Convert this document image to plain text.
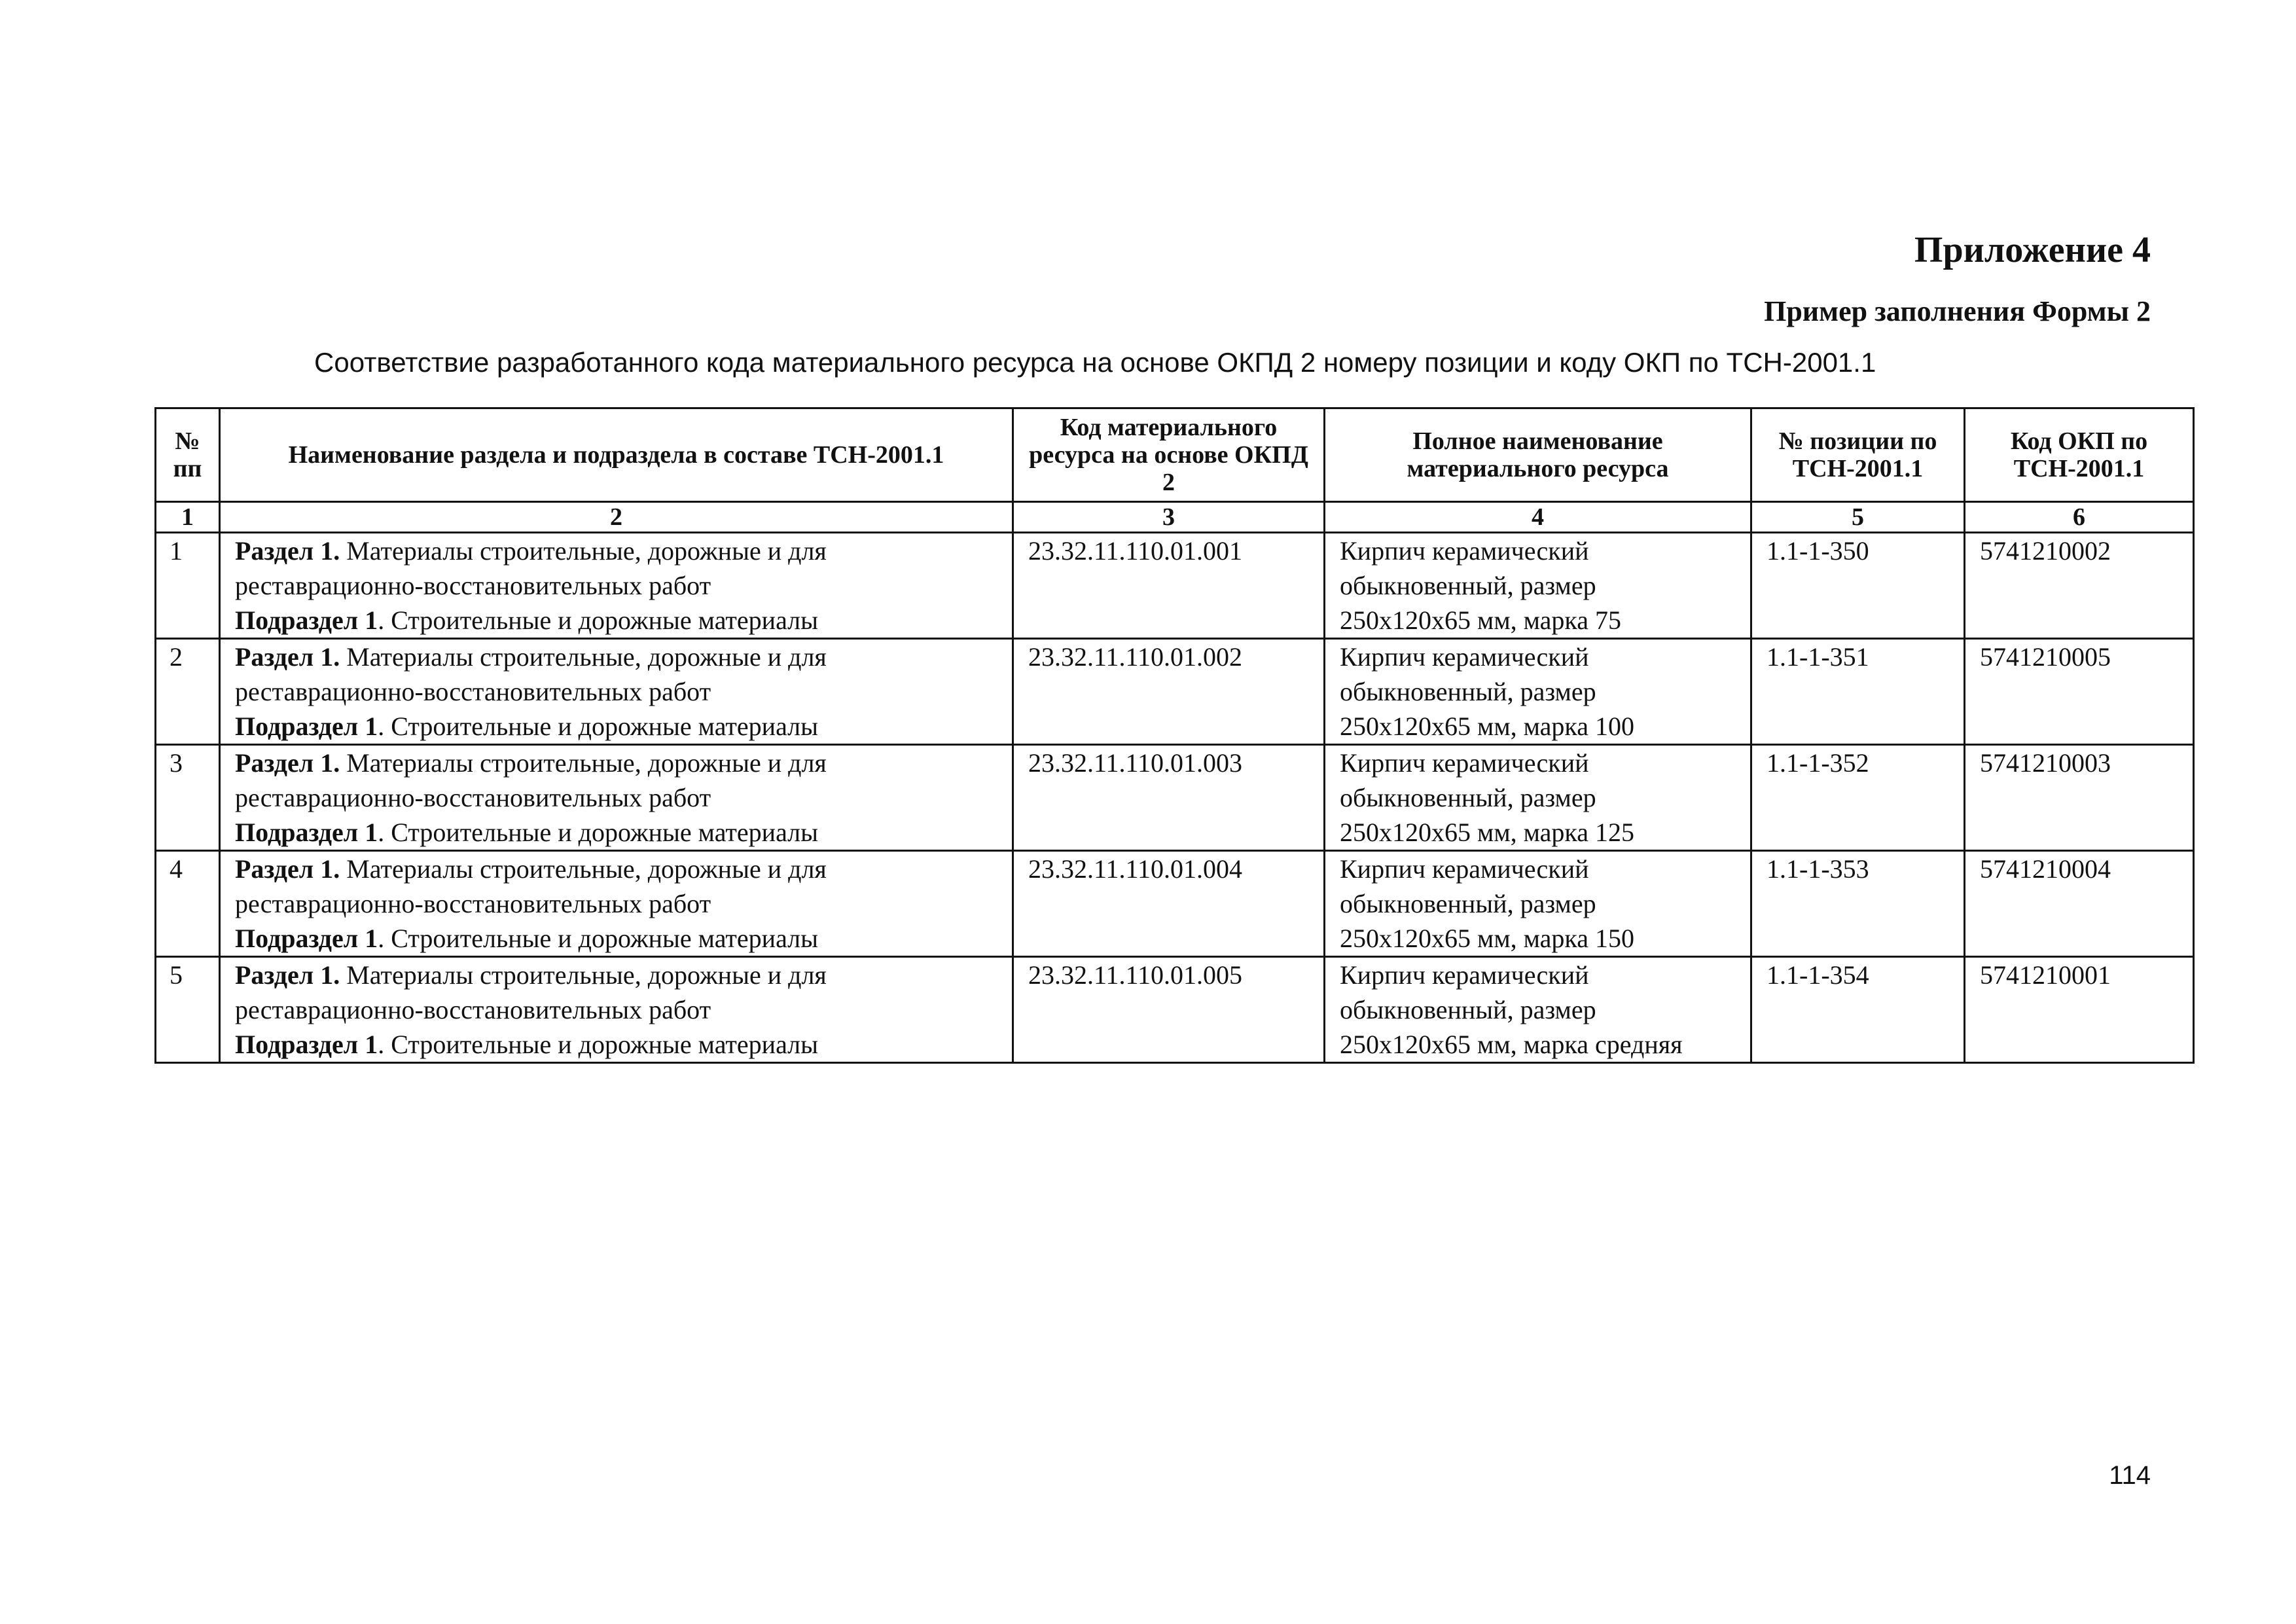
Приложение 4
Пример заполнения Формы 2

Соответствие разработанного кода материального ресурса на основе ОКПД 2 номеру позиции и коду ОКП по ТСН-2001.1

№ пп	Наименование раздела и подраздела в составе ТСН-2001.1	Код материального ресурса на основе ОКПД 2	Полное наименование материального ресурса	№ позиции по ТСН-2001.1	Код ОКП по ТСН-2001.1
1	2	3	4	5	6
1	Раздел 1. Материалы строительные, дорожные и для реставрационно-восстановительных работ
Подраздел 1. Строительные и дорожные материалы	23.32.11.110.01.001	Кирпич керамический
обыкновенный, размер
250х120х65 мм, марка 75	1.1-1-350	5741210002
2	Раздел 1. Материалы строительные, дорожные и для реставрационно-восстановительных работ
Подраздел 1. Строительные и дорожные материалы	23.32.11.110.01.002	Кирпич керамический
обыкновенный, размер
250х120х65 мм, марка 100	1.1-1-351	5741210005
3	Раздел 1. Материалы строительные, дорожные и для реставрационно-восстановительных работ
Подраздел 1. Строительные и дорожные материалы	23.32.11.110.01.003	Кирпич керамический
обыкновенный, размер
250х120х65 мм, марка 125	1.1-1-352	5741210003
4	Раздел 1. Материалы строительные, дорожные и для реставрационно-восстановительных работ
Подраздел 1. Строительные и дорожные материалы	23.32.11.110.01.004	Кирпич керамический
обыкновенный, размер
250х120х65 мм, марка 150	1.1-1-353	5741210004
5	Раздел 1. Материалы строительные, дорожные и для реставрационно-восстановительных работ
Подраздел 1. Строительные и дорожные материалы	23.32.11.110.01.005	Кирпич керамический
обыкновенный, размер
250х120х65 мм, марка средняя	1.1-1-354	5741210001

114
